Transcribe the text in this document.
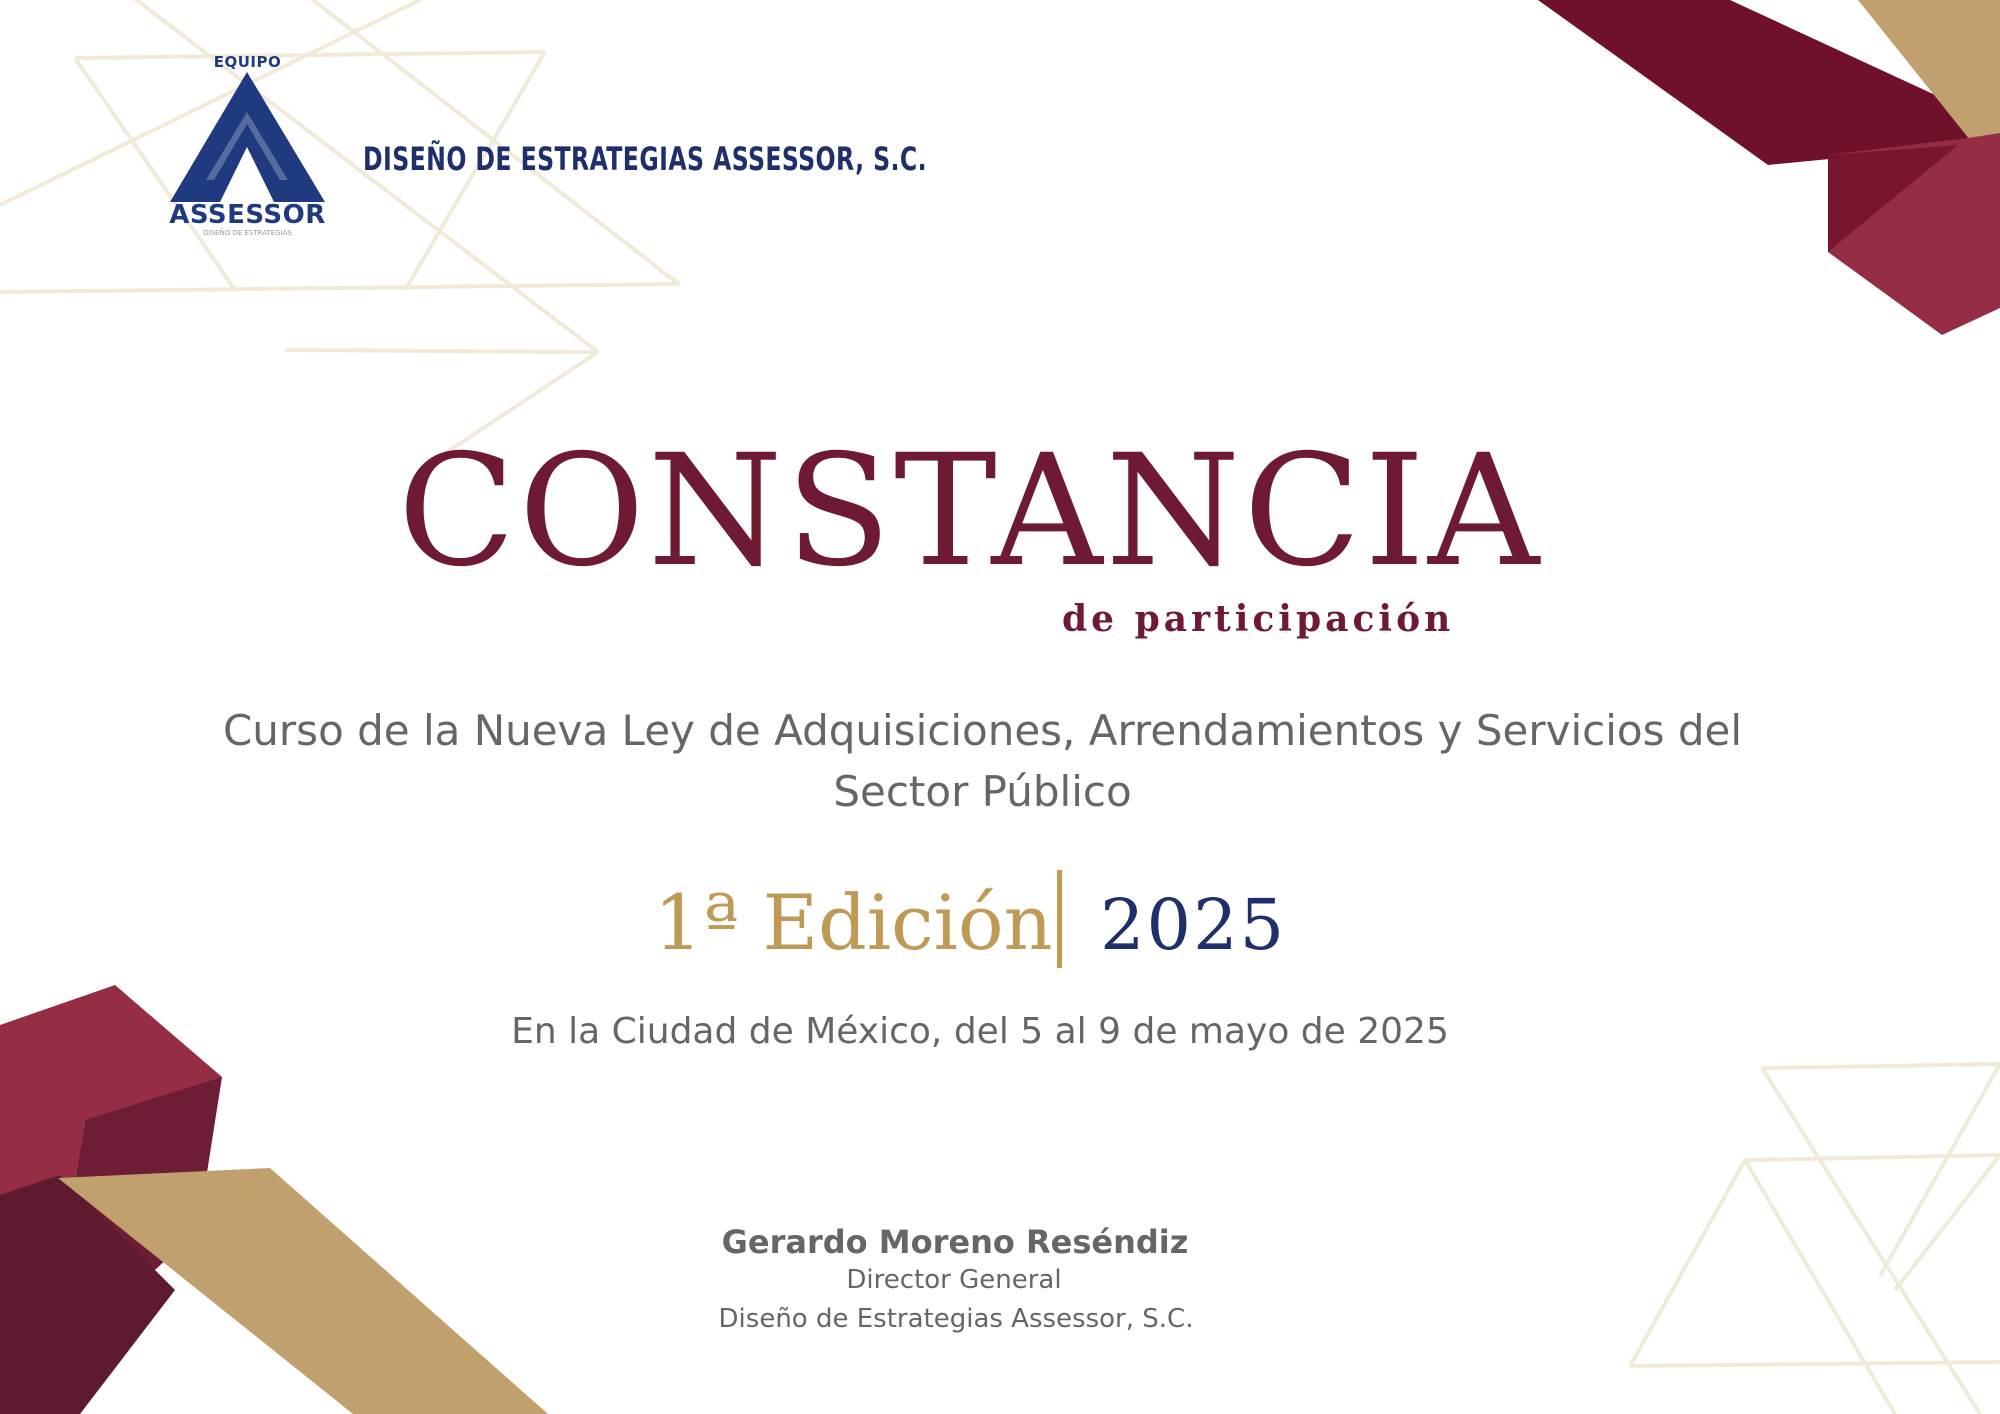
EQUIPO
ASSESSOR
DISEÑO DE ESTRATEGIAS
DISEÑO DE ESTRATEGIAS ASSESSOR, S.C.
CONSTANCIA
de participación
Curso de la Nueva Ley de Adquisiciones, Arrendamientos y Servicios del
Sector Público
1ª Edición 2025
En la Ciudad de México, del 5 al 9 de mayo de 2025
Gerardo Moreno Reséndiz
Director General
Diseño de Estrategias Assessor, S.C.
